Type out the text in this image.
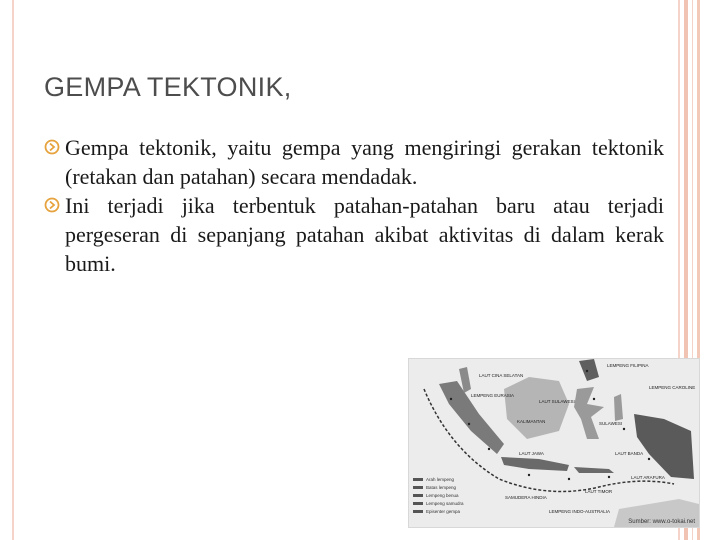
GEMPA TEKTONIK,
Gempa tektonik, yaitu gempa yang mengiringi gerakan tektonik (retakan dan patahan) secara mendadak.
Ini terjadi jika terbentuk patahan-patahan baru atau terjadi pergeseran di sepanjang patahan akibat aktivitas di dalam kerak bumi.
LAUT CINA SELATAN
LEMPENG FILIPINA
LEMPENG EURASIA
LAUT SULAWESI
LEMPENG CAROLINE
KALIMANTAN	SULAWESI
LAUT JAWA	LAUT BANDA
LAUT ARAFURA
SAMUDERA HINDIA
LAUT TIMOR
LEMPENG INDO-AUSTRALIA
Arah lempeng
Batas lempeng
Lempeng benua
Lempeng samudra
Episenter gempa
Sumber: www.o-tokai.net
